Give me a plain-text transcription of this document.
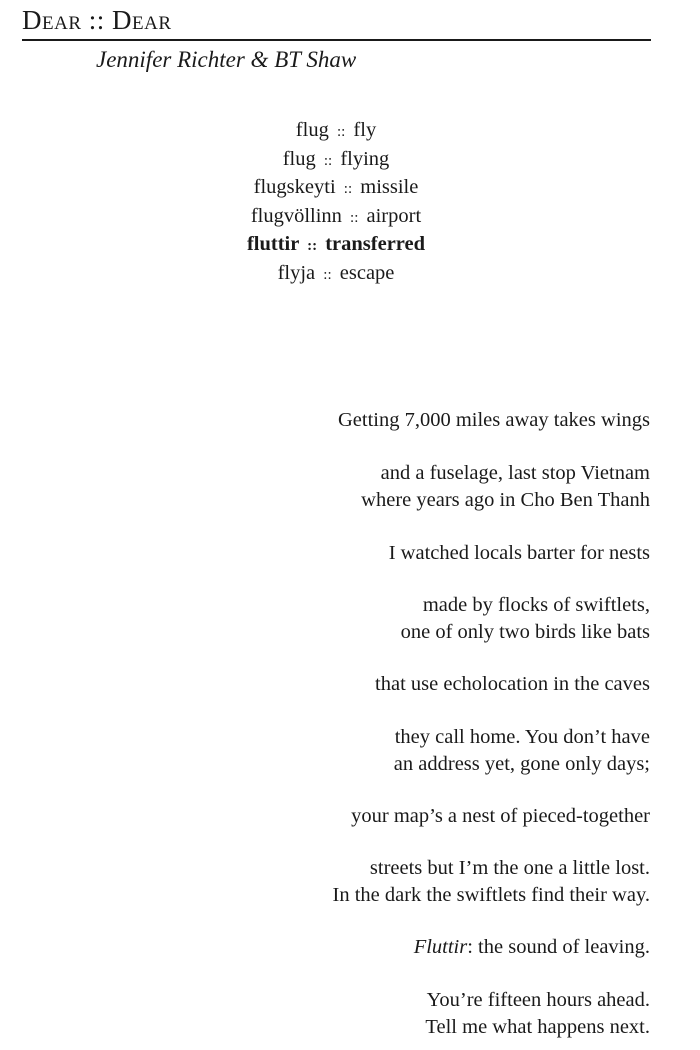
Dear :: Dear
Jennifer Richter & BT Shaw
flug :: fly
flug :: flying
flugskeyti :: missile
flugvöllinn :: airport
fluttir :: transferred
flyja :: escape
Getting 7,000 miles away takes wings
and a fuselage, last stop Vietnam
where years ago in Cho Ben Thanh
I watched locals barter for nests
made by flocks of swiftlets,
one of only two birds like bats
that use echolocation in the caves
they call home. You don’t have
an address yet, gone only days;
your map’s a nest of pieced-together
streets but I’m the one a little lost.
In the dark the swiftlets find their way.
Fluttir: the sound of leaving.
You’re fifteen hours ahead.
Tell me what happens next.
